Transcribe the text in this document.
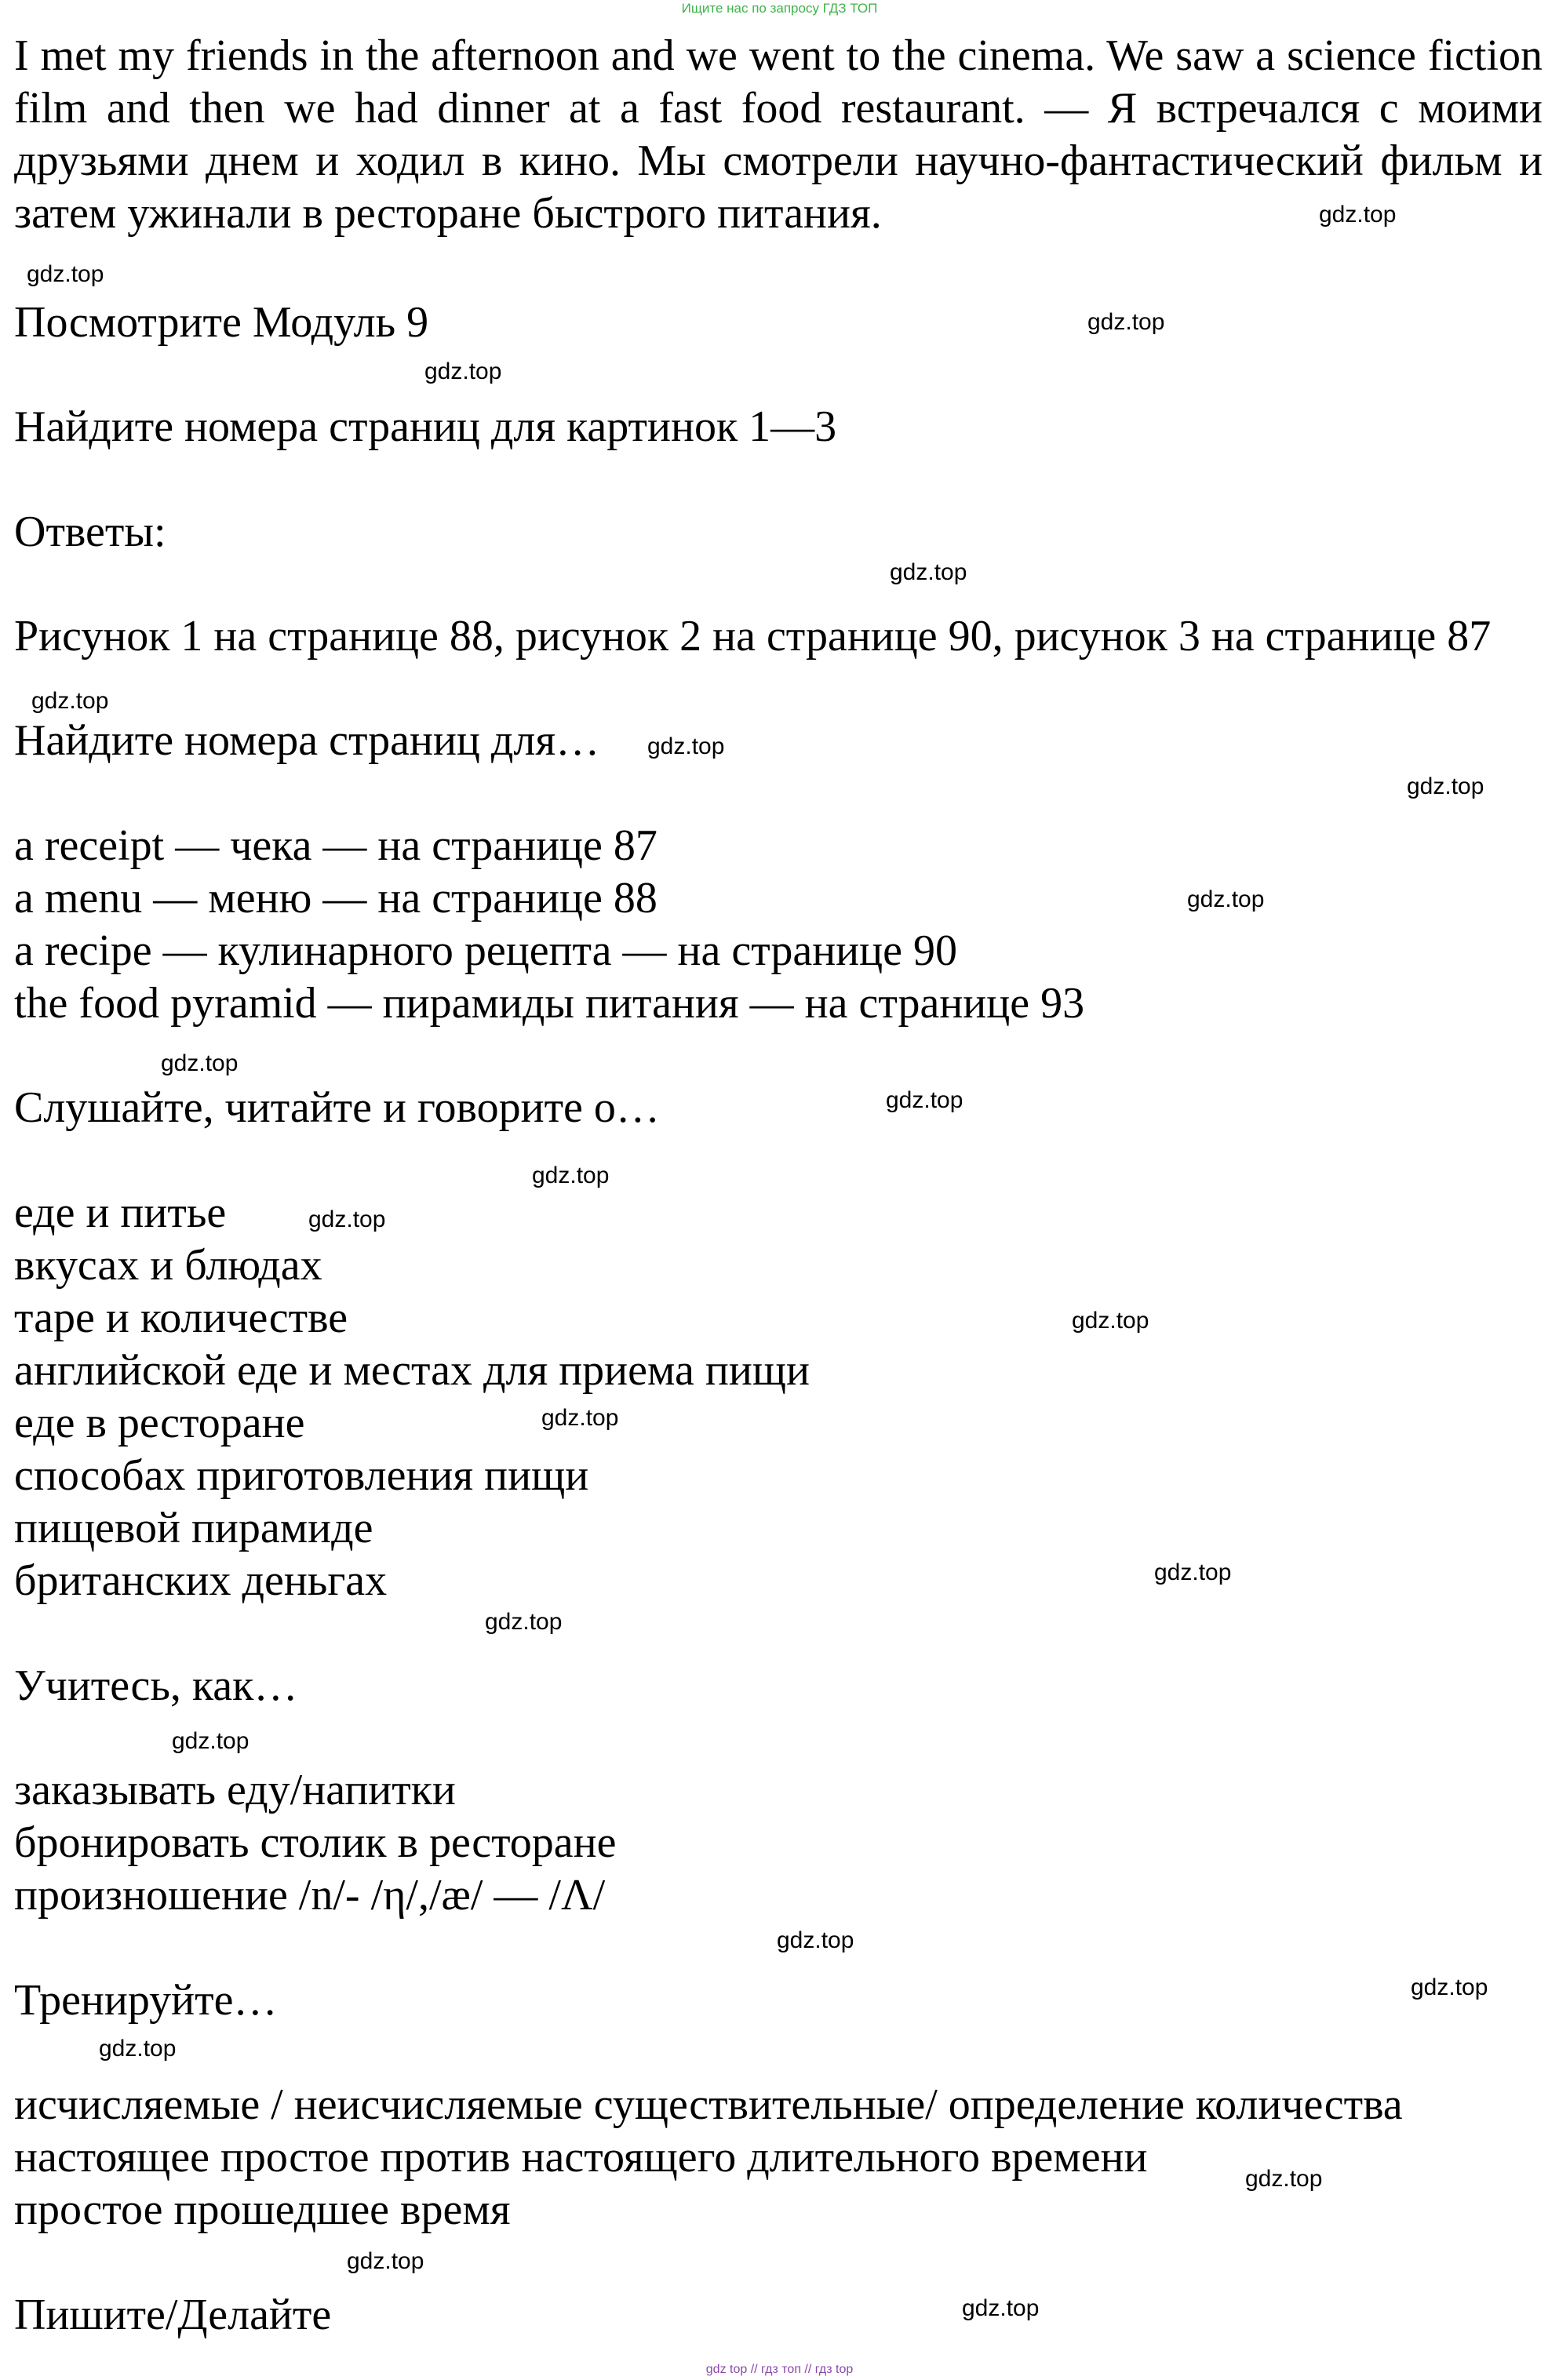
Ищите нас по запросу ГДЗ ТОП

I met my friends in the afternoon and we went to the cinema. We saw a science fiction film and then we had dinner at a fast food restaurant. — Я встречался с моими друзьями днем и ходил в кино. Мы смотрели научно-фантастический фильм и затем ужинали в ресторане быстрого питания.

Посмотрите Модуль 9
Найдите номера страниц для картинок 1—3
Ответы:
Рисунок 1 на странице 88, рисунок 2 на странице 90, рисунок 3 на странице 87
Найдите номера страниц для…
a receipt — чека — на странице 87
a menu — меню — на странице 88
a recipe — кулинарного рецепта — на странице 90
the food pyramid — пирамиды питания — на странице 93
Слушайте, читайте и говорите о…
еде и питье
вкусах и блюдах
таре и количестве
английской еде и местах для приема пищи
еде в ресторане
способах приготовления пищи
пищевой пирамиде
британских деньгах
Учитесь, как…
заказывать еду/напитки
бронировать столик в ресторане
произношение /n/- /η/,/æ/ — /Λ/
Тренируйте…
исчисляемые / неисчисляемые существительные/ определение количества
настоящее простое против настоящего длительного времени
простое прошедшее время
Пишите/Делайте
gdz.top
gdz.top
gdz.top
gdz.top
gdz.top
gdz.top
gdz.top
gdz.top
gdz.top
gdz.top
gdz.top
gdz.top
gdz.top
gdz.top
gdz.top
gdz.top
gdz.top
gdz.top
gdz.top
gdz.top
gdz.top
gdz.top
gdz.top
gdz.top
gdz top // гдз топ // гдз top
